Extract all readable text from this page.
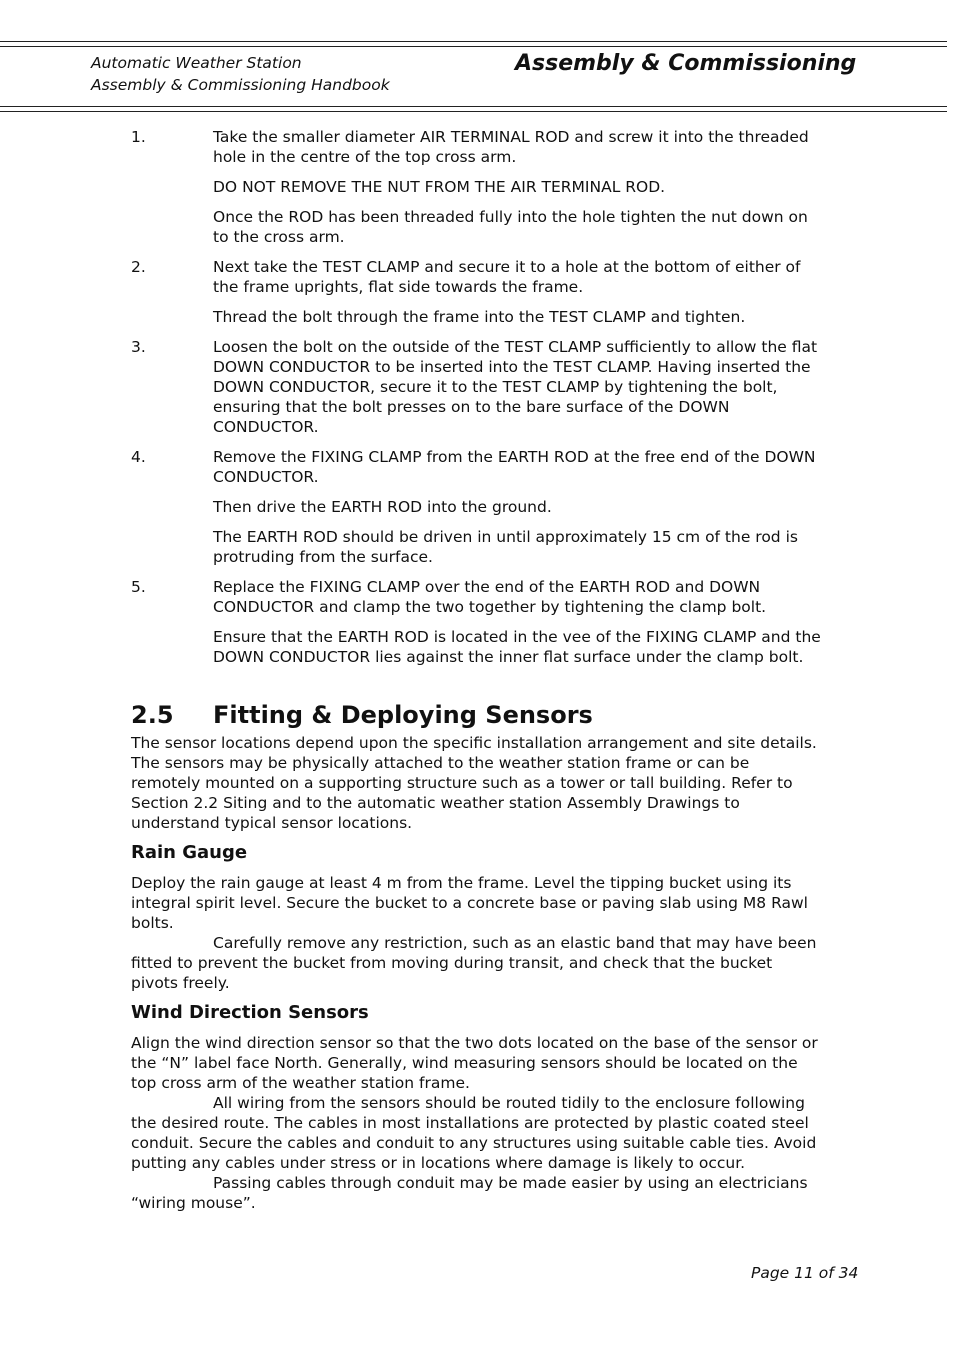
Automatic Weather Station
Assembly & Commissioning Handbook
Assembly & Commissioning
1.	Take the smaller diameter AIR TERMINAL ROD and screw it into the threaded hole in the centre of the top cross arm.

DO NOT REMOVE THE NUT FROM THE AIR TERMINAL ROD.

Once the ROD has been threaded fully into the hole tighten the nut down on to the cross arm.

2.	Next take the TEST CLAMP and secure it to a hole at the bottom of either of the frame uprights, flat side towards the frame.

Thread the bolt through the frame into the TEST CLAMP and tighten.

3.	Loosen the bolt on the outside of the TEST CLAMP sufficiently to allow the flat DOWN CONDUCTOR to be inserted into the TEST CLAMP. Having inserted the DOWN CONDUCTOR, secure it to the TEST CLAMP by tightening the bolt, ensuring that the bolt presses on to the bare surface of the DOWN CONDUCTOR.

4.	Remove the FIXING CLAMP from the EARTH ROD at the free end of the DOWN CONDUCTOR.

Then drive the EARTH ROD into the ground.

The EARTH ROD should be driven in until approximately 15 cm of the rod is protruding from the surface.

5.	Replace the FIXING CLAMP over the end of the EARTH ROD and DOWN CONDUCTOR and clamp the two together by tightening the clamp bolt.

Ensure that the EARTH ROD is located in the vee of the FIXING CLAMP and the DOWN CONDUCTOR lies against the inner flat surface under the clamp bolt.

2.5 Fitting & Deploying Sensors

The sensor locations depend upon the specific installation arrangement and site details. The sensors may be physically attached to the weather station frame or can be remotely mounted on a supporting structure such as a tower or tall building. Refer to Section 2.2 Siting and to the automatic weather station Assembly Drawings to understand typical sensor locations.

Rain Gauge

Deploy the rain gauge at least 4 m from the frame. Level the tipping bucket using its integral spirit level. Secure the bucket to a concrete base or paving slab using M8 Rawl bolts.

Carefully remove any restriction, such as an elastic band that may have been fitted to prevent the bucket from moving during transit, and check that the bucket pivots freely.

Wind Direction Sensors

Align the wind direction sensor so that the two dots located on the base of the sensor or the “N” label face North. Generally, wind measuring sensors should be located on the top cross arm of the weather station frame.

All wiring from the sensors should be routed tidily to the enclosure following the desired route. The cables in most installations are protected by plastic coated steel conduit. Secure the cables and conduit to any structures using suitable cable ties. Avoid putting any cables under stress or in locations where damage is likely to occur.

Passing cables through conduit may be made easier by using an electricians “wiring mouse”.

Page 11 of 34
